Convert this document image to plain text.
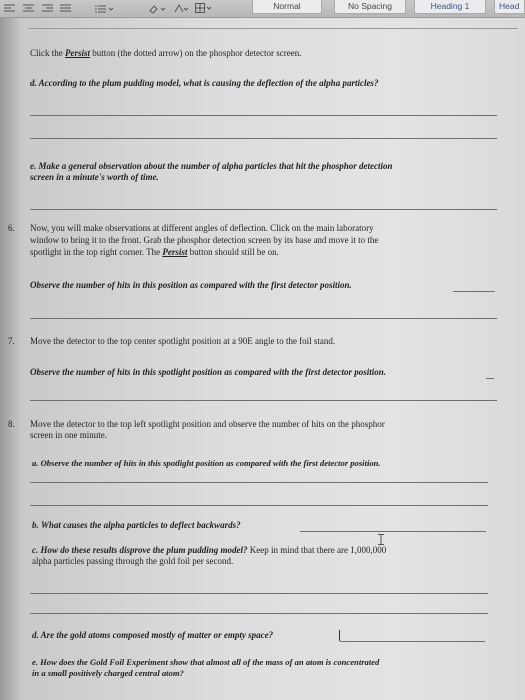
Normal	No Spacing	Heading 1	Head
Click the Persist button (the dotted arrow) on the phosphor detector screen.
d. According to the plum pudding model, what is causing the deflection of the alpha particles?
e. Make a general observation about the number of alpha particles that hit the phosphor detection
screen in a minute's worth of time.
6. Now, you will make observations at different angles of deflection. Click on the main laboratory
window to bring it to the front. Grab the phosphor detection screen by its base and move it to the
spotlight in the top right corner. The Persist button should still be on.
Observe the number of hits in this position as compared with the first detector position.
7. Move the detector to the top center spotlight position at a 90E angle to the foil stand.
Observe the number of hits in this spotlight position as compared with the first detector position.
8. Move the detector to the top left spotlight position and observe the number of hits on the phosphor
screen in one minute.
a. Observe the number of hits in this spotlight position as compared with the first detector position.
b. What causes the alpha particles to deflect backwards?
c. How do these results disprove the plum pudding model? Keep in mind that there are 1,000,000
alpha particles passing through the gold foil per second.
d. Are the gold atoms composed mostly of matter or empty space?
e. How does the Gold Foil Experiment show that almost all of the mass of an atom is concentrated
in a small positively charged central atom?
